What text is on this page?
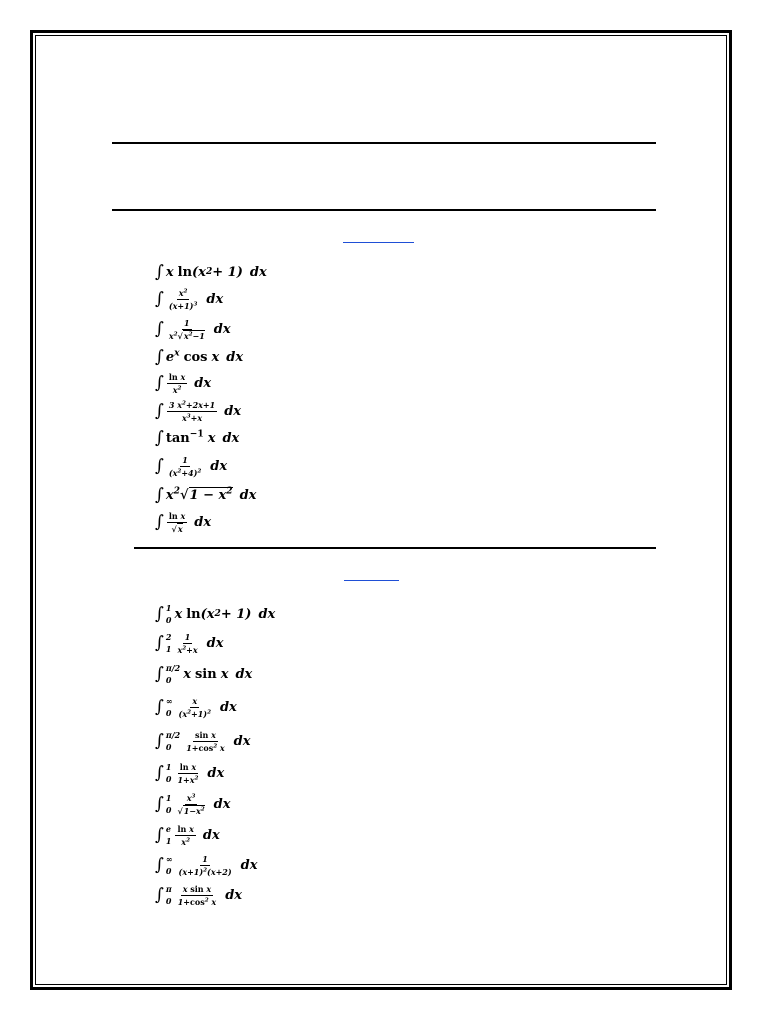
∫ x ln ( x 2 + 1) dx
∫ $\frac{x^2}{(x+1)^3}$ dx
∫ $\frac{1}{x^2√x^2-1}$ dx
∫ $e^x$ cos x dx
∫ $\frac{\text{ln x}}{x^2}$ dx
∫ $\frac{3 x^2+2x+1}{x^3+x}$ dx
∫ $\tan^{-1} x$ dx
∫ $\frac{1}{(x^2+4)^2}$ dx
∫ $x^2$ √ $1 - x^2$ dx
∫ $\frac{\text{ln x}}{√x}$ dx
∫ 1
0 x ln ( x 2 + 1) dx
∫ 2
$1 \frac{1}{x^2+x}$ dx
∫ π/2
0 x sin x dx
∫ ∞
$0 \frac{x}{(x^2+1)^2}$ dx
∫ π/2
0	$\frac{\text{sin x}}{1+\cos^2 x}$ dx
∫ 1
$0 \frac{\text{ln x}}{1+x^2}$ dx
∫ 1
$0 \frac{x^3}{√1-x^2}$ dx
∫ e
$1 \frac{\text{ln x}}{x^2}$ dx
∫ ∞
$0 \frac{1}{(x+1)^2(x+2)}$ dx
∫ π
$0 \frac{\text{x sin x}}{1+\cos^2 x}$ dx
